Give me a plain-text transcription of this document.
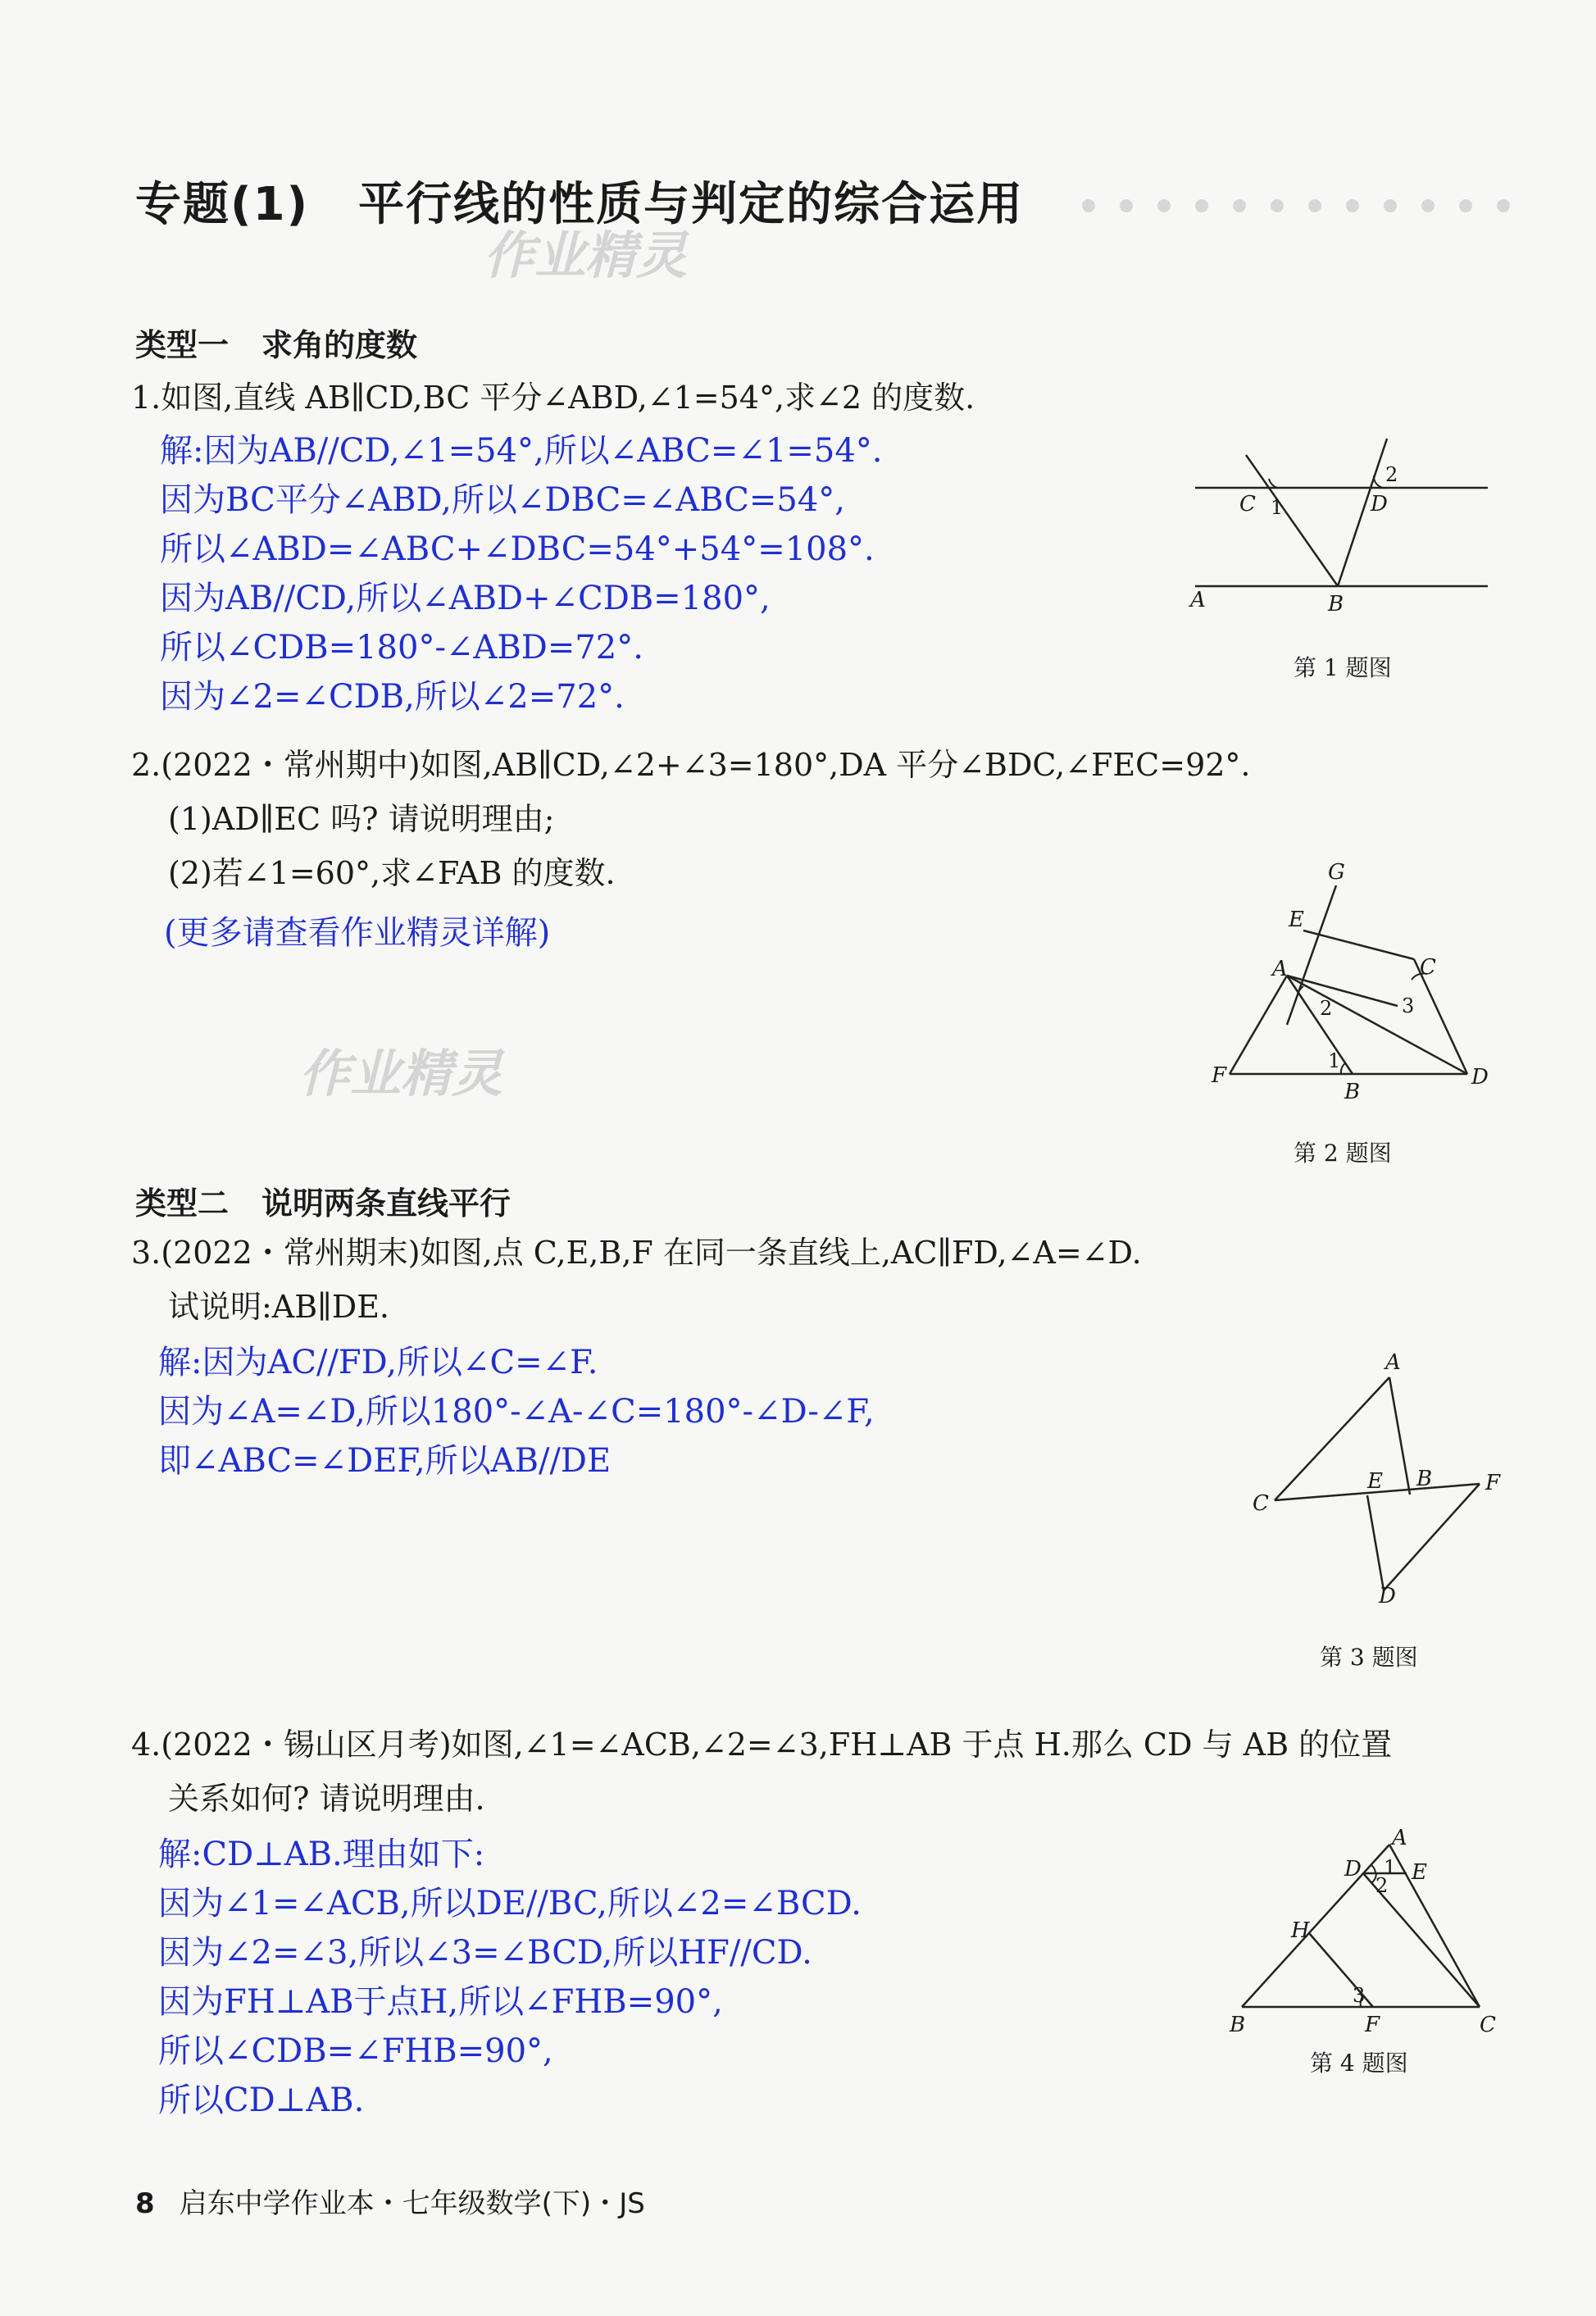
专题(1) 平行线的性质与判定的综合运用
作业精灵
类型一 求角的度数
1.如图,直线 AB∥CD,BC 平分∠ABD,∠1=54°,求∠2 的度数.
解:因为AB//CD,∠1=54°,所以∠ABC=∠1=54°.
因为BC平分∠ABD,所以∠DBC=∠ABC=54°,
所以∠ABD=∠ABC+∠DBC=54°+54°=108°.
因为AB//CD,所以∠ABD+∠CDB=180°,
所以∠CDB=180°-∠ABD=72°.
因为∠2=∠CDB,所以∠2=72°.
C 1	D
2
A	B
第 1 题图
2.(2022・常州期中)如图,AB∥CD,∠2+∠3=180°,DA 平分∠BDC,∠FEC=92°.
(1)AD∥EC 吗? 请说明理由;
(2)若∠1=60°,求∠FAB 的度数.
(更多请查看作业精灵详解)
作业精灵
G
E
A	C
2	3
1
F
B
D
第 2 题图
类型二 说明两条直线平行
3.(2022・常州期末)如图,点 C,E,B,F 在同一条直线上,AC∥FD,∠A=∠D.
试说明:AB∥DE.
解:因为AC//FD,所以∠C=∠F.
因为∠A=∠D,所以180°-∠A-∠C=180°-∠D-∠F,
即∠ABC=∠DEF,所以AB//DE
A
C
E B F
D
第 3 题图
4.(2022・锡山区月考)如图,∠1=∠ACB,∠2=∠3,FH⊥AB 于点 H.那么 CD 与 AB 的位置
关系如何? 请说明理由.
解:CD⊥AB.理由如下:
因为∠1=∠ACB,所以DE//BC,所以∠2=∠BCD.
因为∠2=∠3,所以∠3=∠BCD,所以HF//CD.
因为FH⊥AB于点H,所以∠FHB=90°,
所以∠CDB=∠FHB=90°,
所以CD⊥AB.
A
D E
1
2
H
3
B	F	C
第 4 题图
8 启东中学作业本・七年级数学(下)・JS
